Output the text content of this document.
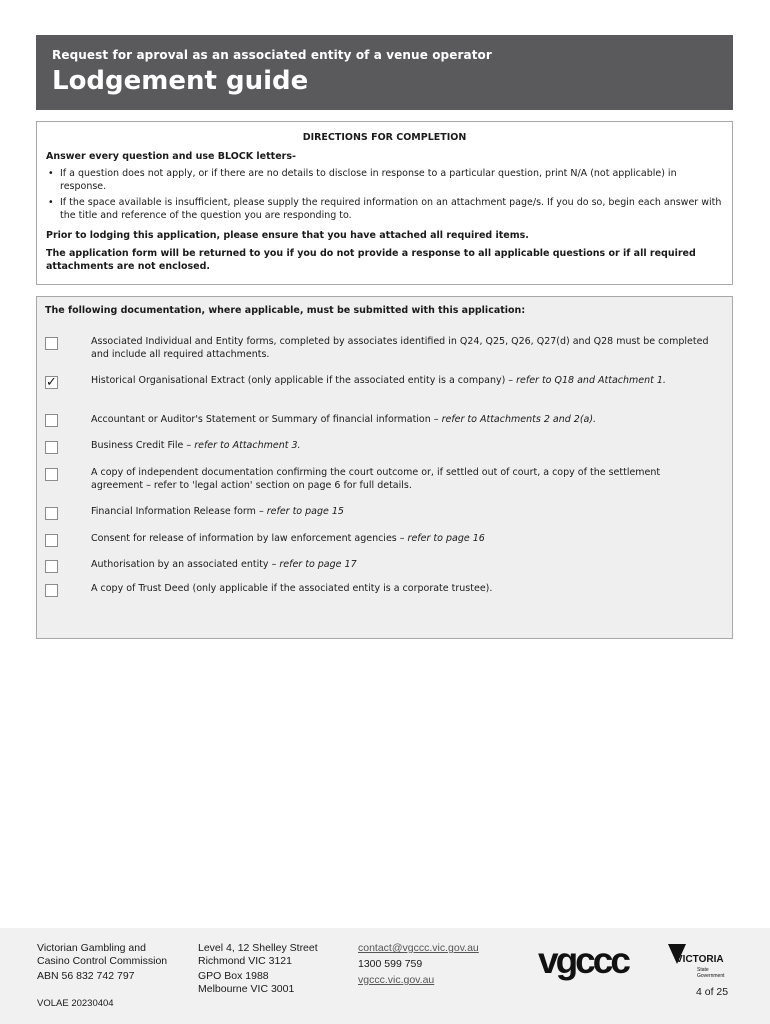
Request for aproval as an associated entity of a venue operator
Lodgement guide
DIRECTIONS FOR COMPLETION
Answer every question and use BLOCK letters-
• If a question does not apply, or if there are no details to disclose in response to a particular question, print N/A (not applicable) in response.
• If the space available is insufficient, please supply the required information on an attachment page/s. If you do so, begin each answer with the title and reference of the question you are responding to.
Prior to lodging this application, please ensure that you have attached all required items.
The application form will be returned to you if you do not provide a response to all applicable questions or if all required attachments are not enclosed.
The following documentation, where applicable, must be submitted with this application:
Associated Individual and Entity forms, completed by associates identified in Q24, Q25, Q26, Q27(d) and Q28 must be completed and include all required attachments.
✓	Historical Organisational Extract (only applicable if the associated entity is a company) – refer to Q18 and Attachment 1.
Accountant or Auditor's Statement or Summary of financial information – refer to Attachments 2 and 2(a).
Business Credit File – refer to Attachment 3.
A copy of independent documentation confirming the court outcome or, if settled out of court, a copy of the settlement agreement – refer to 'legal action' section on page 6 for full details.
Financial Information Release form – refer to page 15
Consent for release of information by law enforcement agencies – refer to page 16
Authorisation by an associated entity – refer to page 17
A copy of Trust Deed (only applicable if the associated entity is a corporate trustee).
Victorian Gambling and
Casino Control Commission
ABN 56 832 742 797
Level 4, 12 Shelley Street
Richmond VIC 3121
GPO Box 1988
Melbourne VIC 3001
contact@vgccc.vic.gov.au
1300 599 759
vgccc.vic.gov.au	vgccc	VICTORIA
State
Government
4 of 25
VOLAE 20230404
